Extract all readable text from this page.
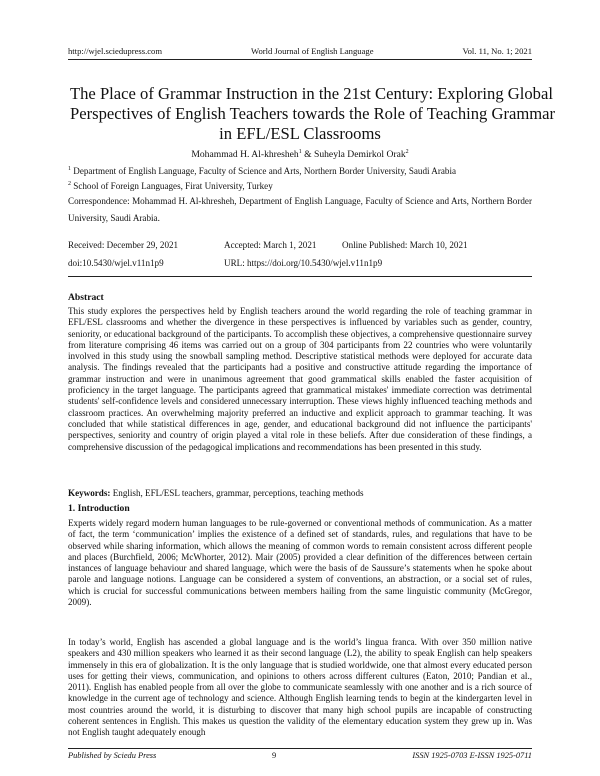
http://wjel.sciedupress.com	World Journal of English Language	Vol. 11, No. 1; 2021
The Place of Grammar Instruction in the 21st Century: Exploring Global
Perspectives of English Teachers towards the Role of Teaching Grammar
in EFL/ESL Classrooms
Mohammad H. Al-khresheh$^1$ & Suheyla Demirkol Orak$^2$
$^1$ Department of English Language, Faculty of Science and Arts, Northern Border University, Saudi Arabia
$^2$ School of Foreign Languages, Firat University, Turkey
Correspondence: Mohammad H. Al-khresheh, Department of English Language, Faculty of Science and Arts, Northern Border University, Saudi Arabia.
Received: December 29, 2021	Accepted: March 1, 2021	Online Published: March 10, 2021
doi:10.5430/wjel.v11n1p9	URL: https://doi.org/10.5430/wjel.v11n1p9
Abstract

This study explores the perspectives held by English teachers around the world regarding the role of teaching grammar in EFL/ESL classrooms and whether the divergence in these perspectives is influenced by variables such as gender, country, seniority, or educational background of the participants. To accomplish these objectives, a comprehensive questionnaire survey from literature comprising 46 items was carried out on a group of 304 participants from 22 countries who were voluntarily involved in this study using the snowball sampling method. Descriptive statistical methods were deployed for accurate data analysis. The findings revealed that the participants had a positive and constructive attitude regarding the importance of grammar instruction and were in unanimous agreement that good grammatical skills enabled the faster acquisition of proficiency in the target language. The participants agreed that grammatical mistakes' immediate correction was detrimental students' self-confidence levels and considered unnecessary interruption. These views highly influenced teaching methods and classroom practices. An overwhelming majority preferred an inductive and explicit approach to grammar teaching. It was concluded that while statistical differences in age, gender, and educational background did not influence the participants' perspectives, seniority and country of origin played a vital role in these beliefs. After due consideration of these findings, a comprehensive discussion of the pedagogical implications and recommendations has been presented in this study.

Keywords: English, EFL/ESL teachers, grammar, perceptions, teaching methods
1. Introduction

Experts widely regard modern human languages to be rule-governed or conventional methods of communication. As a matter of fact, the term ‘communication’ implies the existence of a defined set of standards, rules, and regulations that have to be observed while sharing information, which allows the meaning of common words to remain consistent across different people and places (Burchfield, 2006; McWhorter, 2012). Mair (2005) provided a clear definition of the differences between certain instances of language behaviour and shared language, which were the basis of de Saussure’s statements when he spoke about parole and language notions. Language can be considered a system of conventions, an abstraction, or a social set of rules, which is crucial for successful communications between members hailing from the same linguistic community (McGregor, 2009).

In today’s world, English has ascended a global language and is the world’s lingua franca. With over 350 million native speakers and 430 million speakers who learned it as their second language (L2), the ability to speak English can help speakers immensely in this era of globalization. It is the only language that is studied worldwide, one that almost every educated person uses for getting their views, communication, and opinions to others across different cultures (Eaton, 2010; Pandian et al., 2011). English has enabled people from all over the globe to communicate seamlessly with one another and is a rich source of knowledge in the current age of technology and science. Although English learning tends to begin at the kindergarten level in most countries around the world, it is disturbing to discover that many high school pupils are incapable of constructing coherent sentences in English. This makes us question the validity of the elementary education system they grew up in. Was not English taught adequately enough

Published by Sciedu Press	9	ISSN 1925-0703 E-ISSN 1925-0711
